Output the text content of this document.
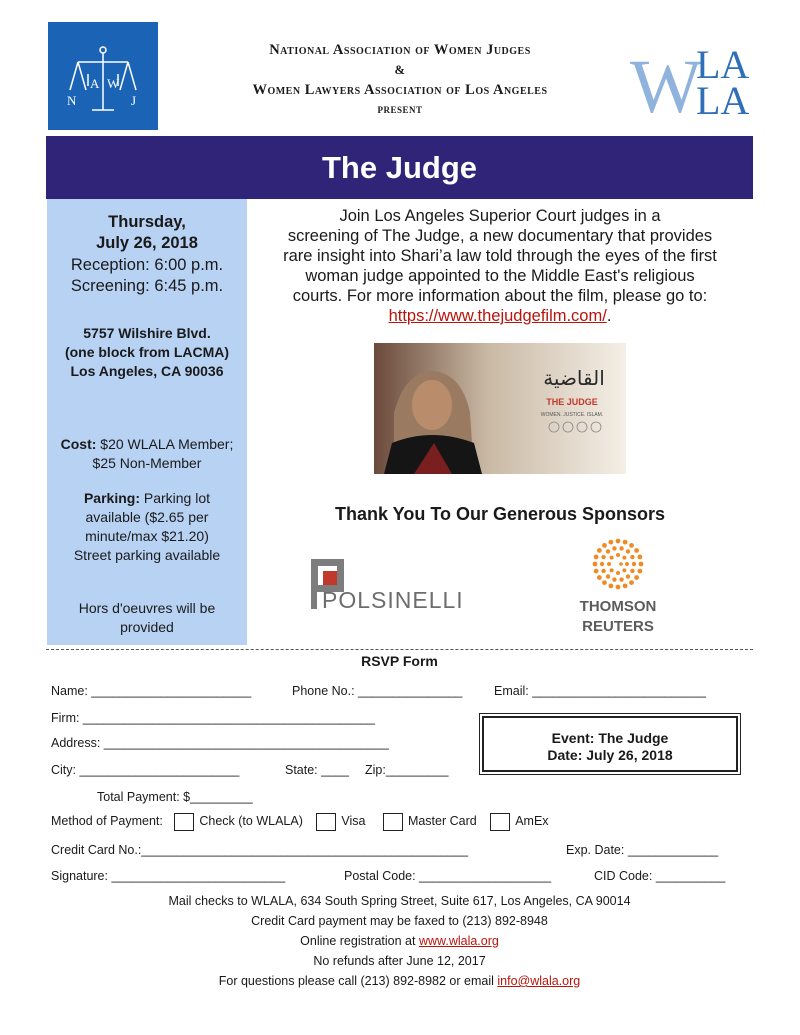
N
A W
J
National Association of Women Judges
&
Women Lawyers Association of Los Angeles
present	W
LA
LA
The Judge
Thursday,
July 26, 2018
Reception: 6:00 p.m.
Screening: 6:45 p.m.
5757 Wilshire Blvd.
(one block from LACMA)
Los Angeles, CA 90036
Cost: $20 WLALA Member;
$25 Non-Member
Parking: Parking lot
available ($2.65 per
minute/max $21.20)
Street parking available
Hors d'oeuvres will be
provided
Join Los Angeles Superior Court judges in a
screening of The Judge, a new documentary that provides
rare insight into Shari’a law told through the eyes of the first
woman judge appointed to the Middle East's religious
courts. For more information about the film, please go to:
https://www.thejudgefilm.com/.
القاضية
THE JUDGE
WOMEN. JUSTICE. ISLAM.
Thank You To Our Generous Sponsors
POLSINELLI	THOMSON
REUTERS
RSVP Form
Name: _______________________	Phone No.: _______________	Email: _________________________
Firm: __________________________________________
Address: _________________________________________
City: _______________________	State: ____ Zip:_________
Event: The Judge
Date: July 26, 2018
Total Payment: $_________
Method of Payment:	Check (to WLALA)	Visa	Master Card	AmEx
Credit Card No.:_______________________________________________	Exp. Date: _____________
Signature: _________________________	Postal Code: ___________________	CID Code: __________
Mail checks to WLALA, 634 South Spring Street, Suite 617, Los Angeles, CA 90014
Credit Card payment may be faxed to (213) 892-8948
Online registration at www.wlala.org
No refunds after June 12, 2017
For questions please call (213) 892-8982 or email info@wlala.org
